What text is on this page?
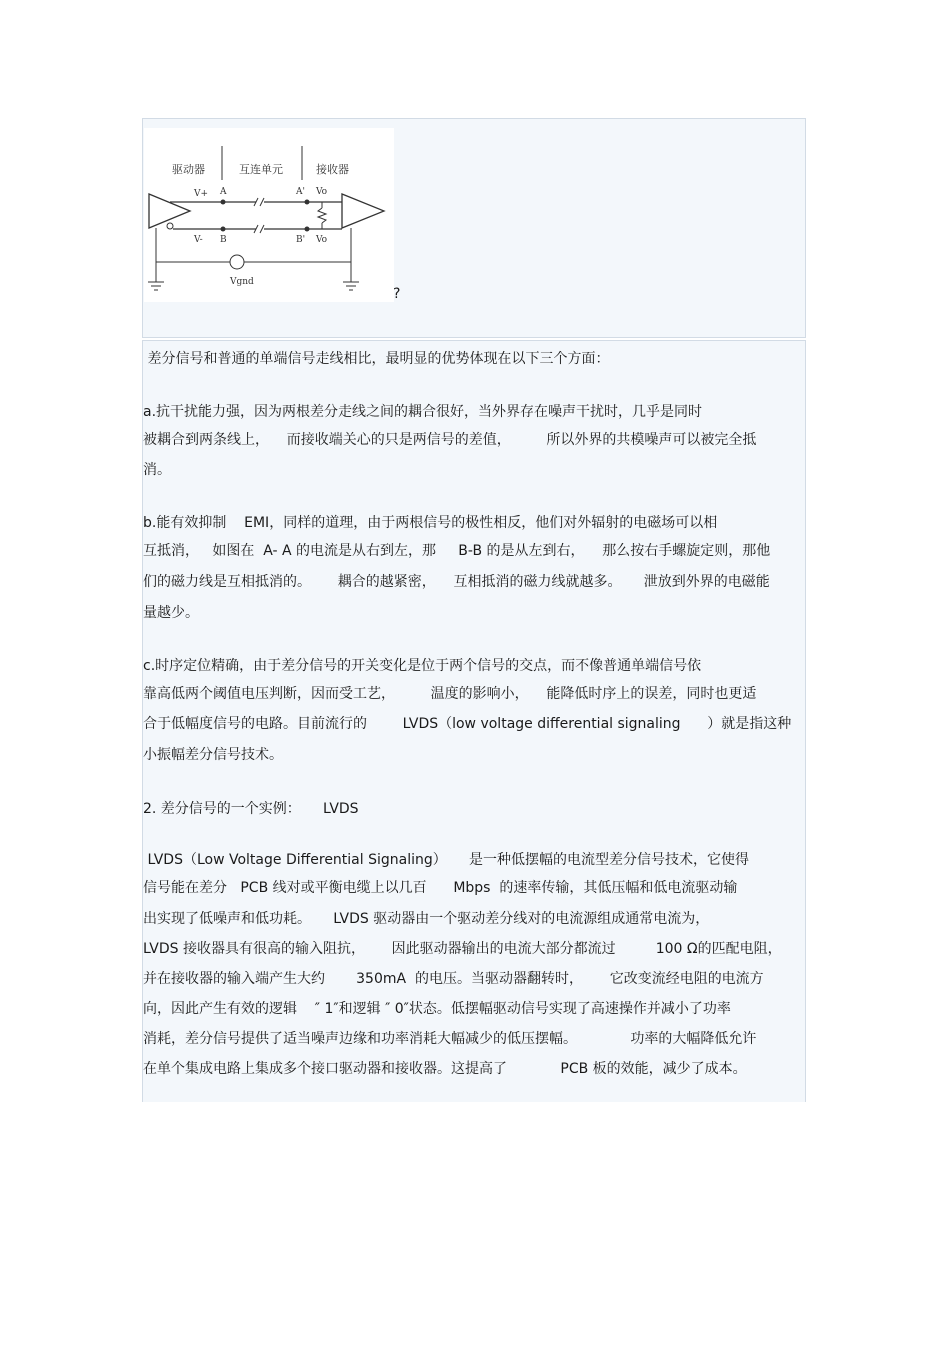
驱动器	互连单元	接收器
V+
V-
A
B
A'
B'
Vo
Vo
Vgnd
?
差分信号和普通的单端信号走线相比，最明显的优势体现在以下三个方面：
a.抗干扰能力强，因为两根差分走线之间的耦合很好，当外界存在噪声干扰时，几乎是同时
被耦合到两条线上，    而接收端关心的只是两信号的差值，        所以外界的共模噪声可以被完全抵
消。
b.能有效抑制    EMI，同样的道理，由于两根信号的极性相反，他们对外辐射的电磁场可以相
互抵消，   如图在  A- A 的电流是从右到左，那     B-B 的是从左到右，    那么按右手螺旋定则，那他
们的磁力线是互相抵消的。      耦合的越紧密，    互相抵消的磁力线就越多。     泄放到外界的电磁能
量越少。
c.时序定位精确，由于差分信号的开关变化是位于两个信号的交点，而不像普通单端信号依
靠高低两个阈值电压判断，因而受工艺，        温度的影响小，    能降低时序上的误差，同时也更适
合于低幅度信号的电路。目前流行的        LVDS（low voltage differential signaling      ）就是指这种
小振幅差分信号技术。
2. 差分信号的一个实例：     LVDS
LVDS（Low Voltage Differential Signaling）     是一种低摆幅的电流型差分信号技术，它使得
信号能在差分   PCB 线对或平衡电缆上以几百      Mbps  的速率传输，其低压幅和低电流驱动输
出实现了低噪声和低功耗。     LVDS 驱动器由一个驱动差分线对的电流源组成通常电流为，
LVDS 接收器具有很高的输入阻抗，      因此驱动器输出的电流大部分都流过         100 Ω的匹配电阻，
并在接收器的输入端产生大约       350mA  的电压。当驱动器翻转时，      它改变流经电阻的电流方
向，因此产生有效的逻辑    ″ 1″和逻辑 ″ 0″状态。低摆幅驱动信号实现了高速操作并减小了功率
消耗，差分信号提供了适当噪声边缘和功率消耗大幅减少的低压摆幅。            功率的大幅降低允许
在单个集成电路上集成多个接口驱动器和接收器。这提高了            PCB 板的效能，减少了成本。
